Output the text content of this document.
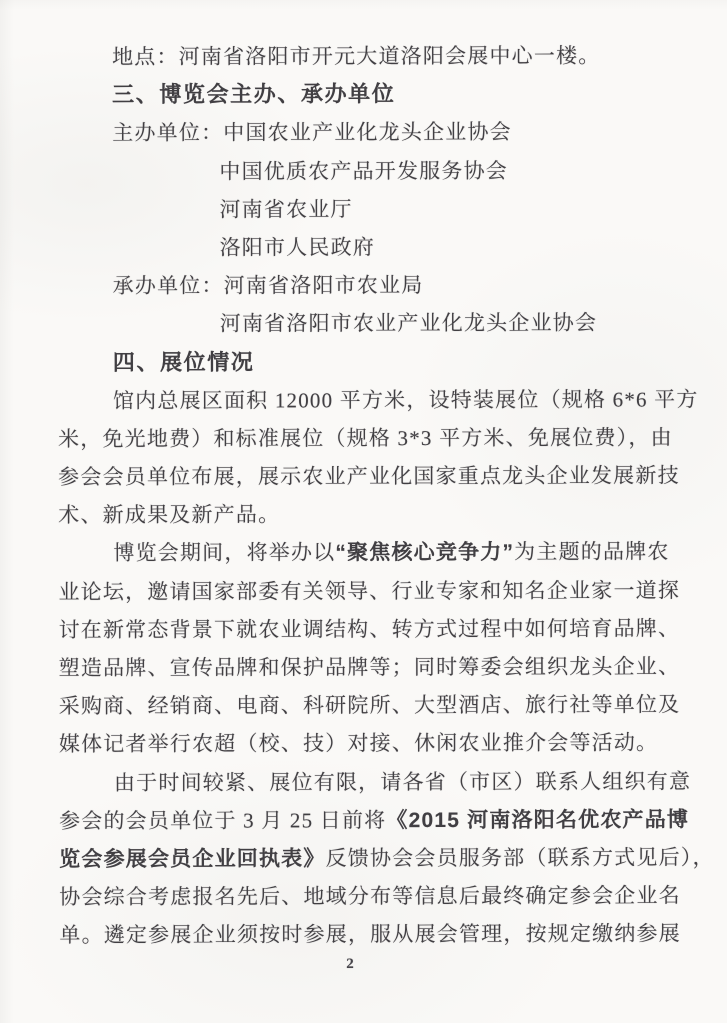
地点：河南省洛阳市开元大道洛阳会展中心一楼。
三、博览会主办、承办单位
主办单位：中国农业产业化龙头企业协会
中国优质农产品开发服务协会
河南省农业厅
洛阳市人民政府
承办单位：河南省洛阳市农业局
河南省洛阳市农业产业化龙头企业协会
四、展位情况
馆内总展区面积 12000 平方米，设特装展位（规格 6*6 平方
米，免光地费）和标准展位（规格 3*3 平方米、免展位费），由
参会会员单位布展，展示农业产业化国家重点龙头企业发展新技
术、新成果及新产品。
博览会期间，将举办以“聚焦核心竞争力”为主题的品牌农
业论坛，邀请国家部委有关领导、行业专家和知名企业家一道探
讨在新常态背景下就农业调结构、转方式过程中如何培育品牌、
塑造品牌、宣传品牌和保护品牌等；同时筹委会组织龙头企业、
采购商、经销商、电商、科研院所、大型酒店、旅行社等单位及
媒体记者举行农超（校、技）对接、休闲农业推介会等活动。
由于时间较紧、展位有限，请各省（市区）联系人组织有意
参会的会员单位于 3 月 25 日前将《2015 河南洛阳名优农产品博
览会参展会员企业回执表》反馈协会会员服务部（联系方式见后），
协会综合考虑报名先后、地域分布等信息后最终确定参会企业名
单。遴定参展企业须按时参展，服从展会管理，按规定缴纳参展
2
